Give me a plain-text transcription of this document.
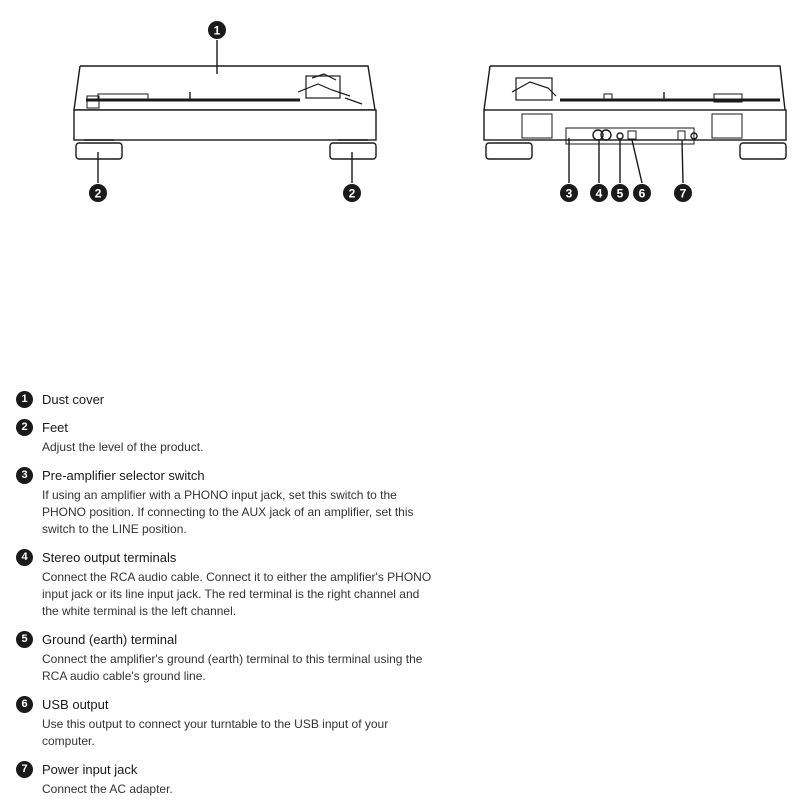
1
2	2	3 4 5 6	7
1	Dust cover
2	Feet
Adjust the level of the product.
3	Pre-amplifier selector switch
If using an amplifier with a PHONO input jack, set this switch to the PHONO position. If connecting to the AUX jack of an amplifier, set this switch to the LINE position.
4	Stereo output terminals
Connect the RCA audio cable. Connect it to either the amplifier's PHONO input jack or its line input jack. The red terminal is the right channel and the white terminal is the left channel.
5	Ground (earth) terminal
Connect the amplifier's ground (earth) terminal to this terminal using the RCA audio cable's ground line.
6	USB output
Use this output to connect your turntable to the USB input of your computer.
7	Power input jack
Connect the AC adapter.
